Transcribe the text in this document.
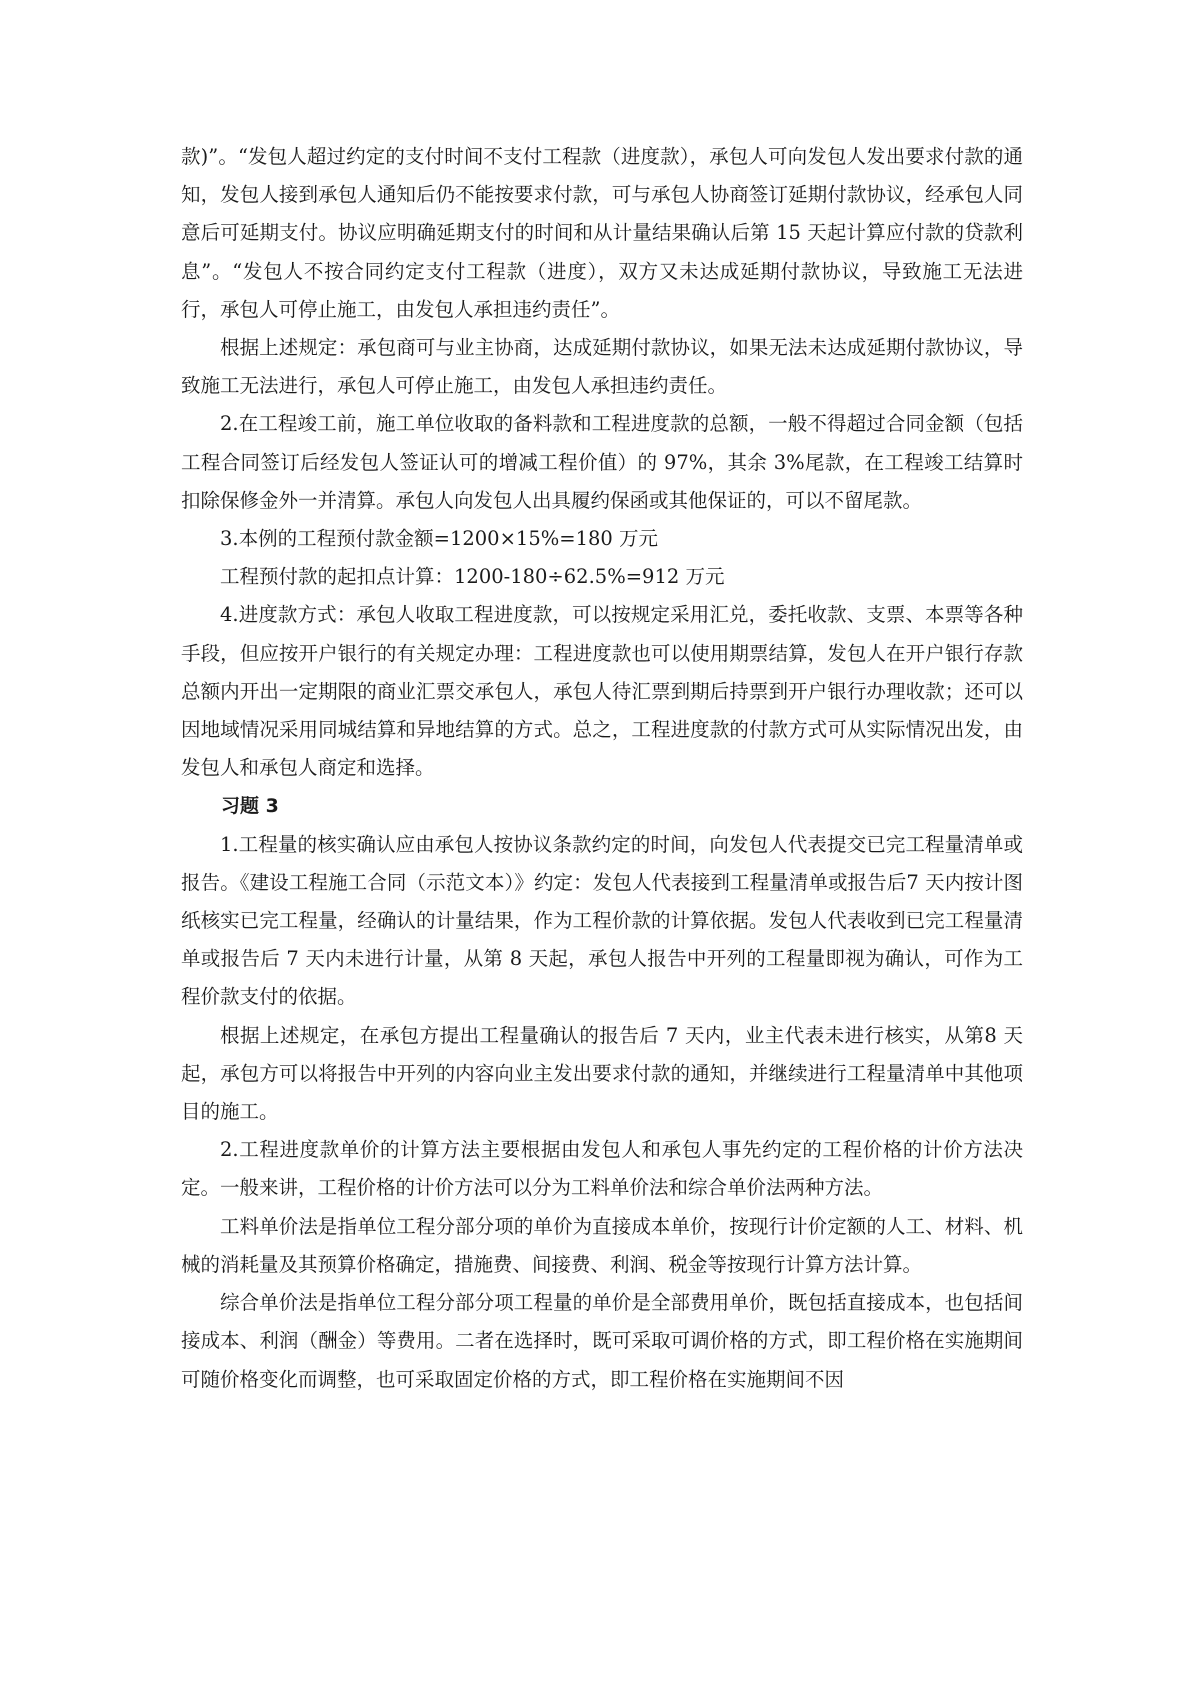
款)”。“发包人超过约定的支付时间不支付工程款（进度款），承包人可向发包人发出要求付款的通知，发包人接到承包人通知后仍不能按要求付款，可与承包人协商签订延期付款协议，经承包人同意后可延期支付。协议应明确延期支付的时间和从计量结果确认后第 15 天起计算应付款的贷款利息”。“发包人不按合同约定支付工程款（进度），双方又未达成延期付款协议，导致施工无法进行，承包人可停止施工，由发包人承担违约责任”。

根据上述规定：承包商可与业主协商，达成延期付款协议，如果无法未达成延期付款协议，导致施工无法进行，承包人可停止施工，由发包人承担违约责任。

2.在工程竣工前，施工单位收取的备料款和工程进度款的总额，一般不得超过合同金额（包括工程合同签订后经发包人签证认可的增减工程价值）的 97%，其余 3%尾款，在工程竣工结算时扣除保修金外一并清算。承包人向发包人出具履约保函或其他保证的，可以不留尾款。

3.本例的工程预付款金额=1200×15%=180 万元

工程预付款的起扣点计算：1200-180÷62.5%=912 万元

4.进度款方式：承包人收取工程进度款，可以按规定采用汇兑，委托收款、支票、本票等各种手段，但应按开户银行的有关规定办理：工程进度款也可以使用期票结算，发包人在开户银行存款总额内开出一定期限的商业汇票交承包人，承包人待汇票到期后持票到开户银行办理收款；还可以因地域情况采用同城结算和异地结算的方式。总之，工程进度款的付款方式可从实际情况出发，由发包人和承包人商定和选择。

习题 3

1.工程量的核实确认应由承包人按协议条款约定的时间，向发包人代表提交已完工程量清单或报告。《建设工程施工合同（示范文本）》约定：发包人代表接到工程量清单或报告后7 天内按计图纸核实已完工程量，经确认的计量结果，作为工程价款的计算依据。发包人代表收到已完工程量清单或报告后 7 天内未进行计量，从第 8 天起，承包人报告中开列的工程量即视为确认，可作为工程价款支付的依据。

根据上述规定，在承包方提出工程量确认的报告后 7 天内，业主代表未进行核实，从第8 天起，承包方可以将报告中开列的内容向业主发出要求付款的通知，并继续进行工程量清单中其他项目的施工。

2.工程进度款单价的计算方法主要根据由发包人和承包人事先约定的工程价格的计价方法决定。一般来讲，工程价格的计价方法可以分为工料单价法和综合单价法两种方法。

工料单价法是指单位工程分部分项的单价为直接成本单价，按现行计价定额的人工、材料、机械的消耗量及其预算价格确定，措施费、间接费、利润、税金等按现行计算方法计算。

综合单价法是指单位工程分部分项工程量的单价是全部费用单价，既包括直接成本，也包括间接成本、利润（酬金）等费用。二者在选择时，既可采取可调价格的方式，即工程价格在实施期间可随价格变化而调整，也可采取固定价格的方式，即工程价格在实施期间不因
